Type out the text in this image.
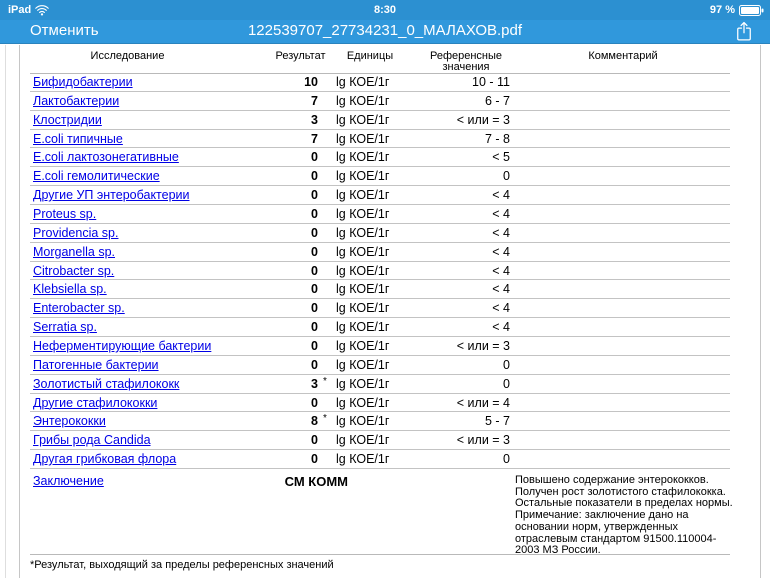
iPad	8:30	97 %
Отменить	122539707_27734231_0_МАЛАХОВ.pdf
Исследование	Результат	Единицы	Референсные
значения
Комментарий
Бифидобактерии	10 lg КОЕ/1г	10 - 11
Лактобактерии	7 lg КОЕ/1г	6 - 7
Клостридии	3 lg КОЕ/1г	< или = 3
E.coli типичные	7 lg КОЕ/1г	7 - 8
E.coli лактозонегативные	0 lg КОЕ/1г	< 5
E.coli гемолитические	0 lg КОЕ/1г	0
Другие УП энтеробактерии	0 lg КОЕ/1г	< 4
Proteus sp.	0 lg КОЕ/1г	< 4
Providencia sp.	0 lg КОЕ/1г	< 4
Morganella sp.	0 lg КОЕ/1г	< 4
Citrobacter sp.	0 lg КОЕ/1г	< 4
Klebsiella sp.	0 lg КОЕ/1г	< 4
Enterobacter sp.	0 lg КОЕ/1г	< 4
Serratia sp.	0 lg КОЕ/1г	< 4
Неферментирующие бактерии	0 lg КОЕ/1г	< или = 3
Патогенные бактерии	0 lg КОЕ/1г	0
Золотистый стафилококк	3 * lg КОЕ/1г	0
Другие стафилококки	0 lg КОЕ/1г	< или = 4
Энтерококки	8 * lg КОЕ/1г	5 - 7
Грибы рода Candida	0 lg КОЕ/1г	< или = 3
Другая грибковая флора	0 lg КОЕ/1г	0
Заключение	СМ КОММ	Повышено содержание энтерококков. Получен рост золотистого стафилококка. Остальные показатели в пределах нормы. Примечание: заключение дано на основании норм, утвержденных отраслевым стандартом 91500.110004-2003 МЗ России.
*Результат, выходящий за пределы референсных значений
